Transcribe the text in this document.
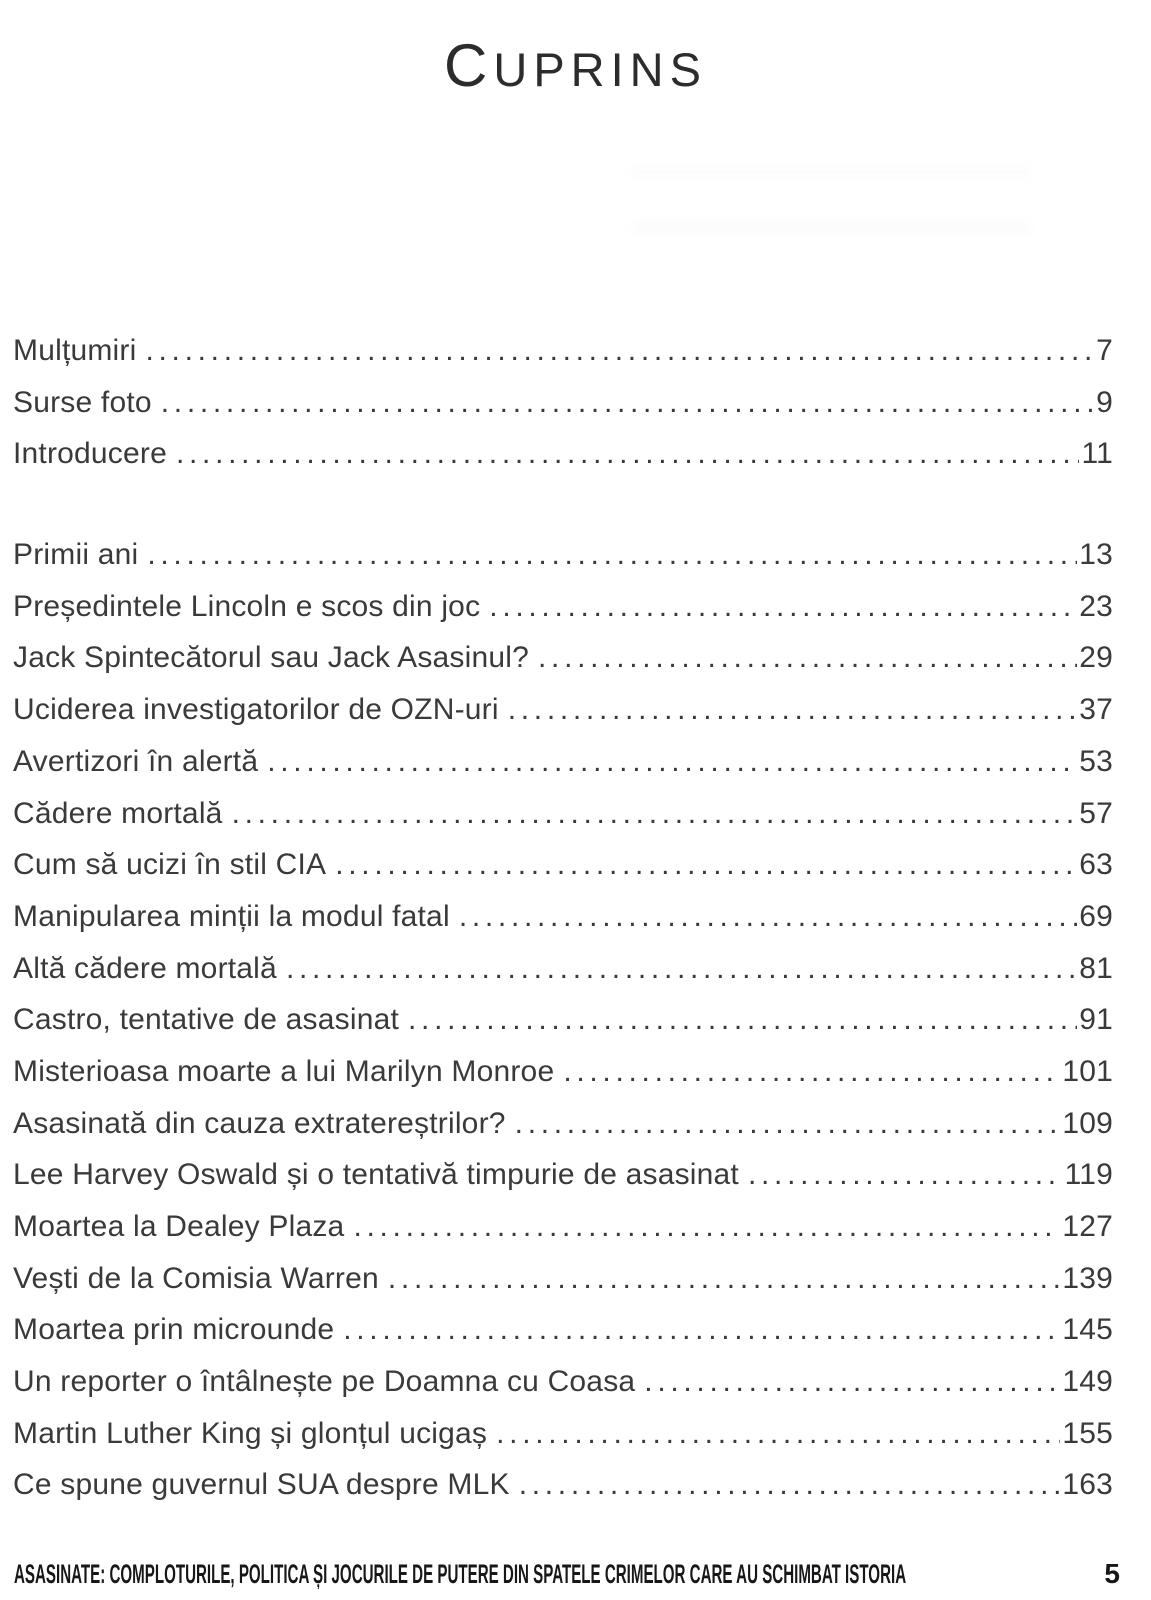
CUPRINS
Mulțumiri .....	7
Surse foto .....	9
Introducere .....	11
Primii ani .....	13
Președintele Lincoln e scos din joc .....	23
Jack Spintecătorul sau Jack Asasinul? .....	29
Uciderea investigatorilor de OZN-uri .....	37
Avertizori în alertă .....	53
Cădere mortală .....	57
Cum să ucizi în stil CIA .....	63
Manipularea minții la modul fatal .....	69
Altă cădere mortală .....	81
Castro, tentative de asasinat .....	91
Misterioasa moarte a lui Marilyn Monroe .....	101
Asasinată din cauza extratereștrilor? .....	109
Lee Harvey Oswald și o tentativă timpurie de asasinat .....	119
Moartea la Dealey Plaza .....	127
Vești de la Comisia Warren .....	139
Moartea prin microunde .....	145
Un reporter o întâlnește pe Doamna cu Coasa .....	149
Martin Luther King și glonțul ucigaș .....	155
Ce spune guvernul SUA despre MLK .....	163
ASASINATE: COMPLOTURILE, POLITICA ȘI JOCURILE DE PUTERE DIN SPATELE CRIMELOR CARE AU SCHIMBAT ISTORIA	5
